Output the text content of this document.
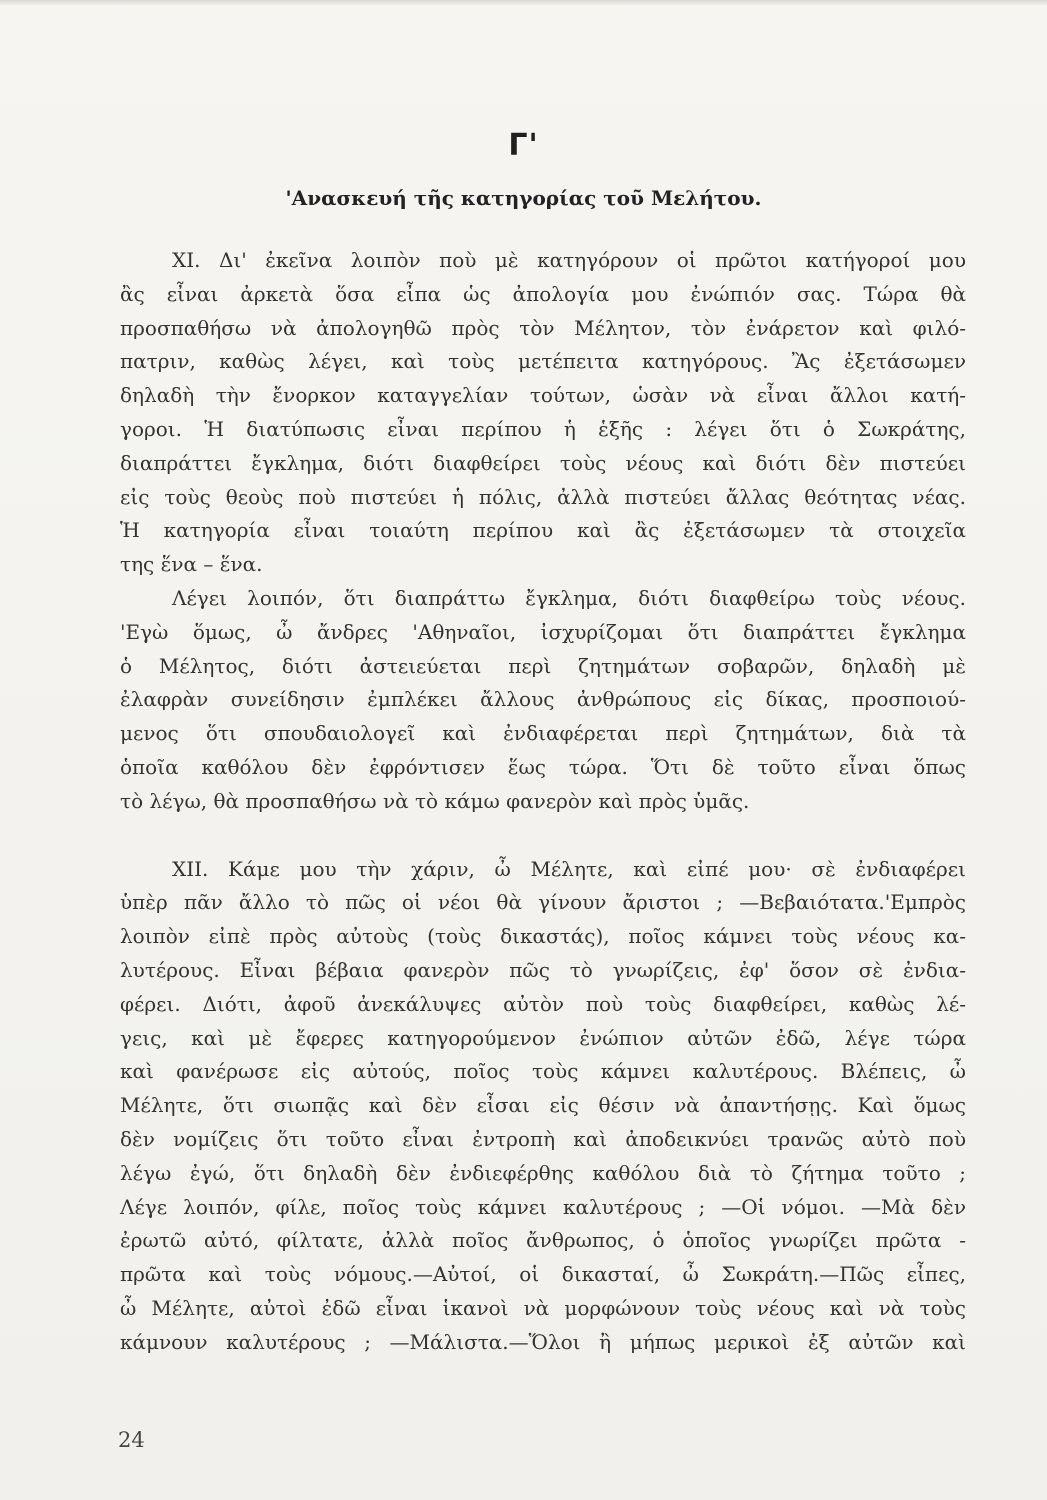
Γ'
'Ανασκευή τῆς κατηγορίας τοῦ Μελήτου.
XI. Δι' ἐκεῖνα λοιπὸν ποὺ μὲ κατηγόρουν οἱ πρῶτοι κατήγοροί μου
ἂς εἶναι ἀρκετὰ ὅσα εἶπα ὡς ἀπολογία μου ἐνώπιόν σας. Τώρα θὰ
προσπαθήσω νὰ ἀπολογηθῶ πρὸς τὸν Μέλητον, τὸν ἐνάρετον καὶ φιλό-
πατριν, καθὼς λέγει, καὶ τοὺς μετέπειτα κατηγόρους. Ἂς ἐξετάσωμεν
δηλαδὴ τὴν ἔνορκον καταγγελίαν τούτων, ὡσὰν νὰ εἶναι ἄλλοι κατή-
γοροι. Ἡ διατύπωσις εἶναι περίπου ἡ ἑξῆς : λέγει ὅτι ὁ Σωκράτης,
διαπράττει ἔγκλημα, διότι διαφθείρει τοὺς νέους καὶ διότι δὲν πιστεύει
εἰς τοὺς θεοὺς ποὺ πιστεύει ἡ πόλις, ἀλλὰ πιστεύει ἄλλας θεότητας νέας.
Ἡ κατηγορία εἶναι τοιαύτη περίπου καὶ ἂς ἐξετάσωμεν τὰ στοιχεῖα
της ἕνα – ἕνα.
Λέγει λοιπόν, ὅτι διαπράττω ἔγκλημα, διότι διαφθείρω τοὺς νέους.
'Εγὼ ὅμως, ὦ ἄνδρες 'Αθηναῖοι, ἰσχυρίζομαι ὅτι διαπράττει ἔγκλημα
ὁ Μέλητος, διότι ἀστειεύεται περὶ ζητημάτων σοβαρῶν, δηλαδὴ μὲ
ἐλαφρὰν συνείδησιν ἐμπλέκει ἄλλους ἀνθρώπους εἰς δίκας, προσποιού-
μενος ὅτι σπουδαιολογεῖ καὶ ἐνδιαφέρεται περὶ ζητημάτων, διὰ τὰ
ὁποῖα καθόλου δὲν ἐφρόντισεν ἕως τώρα. Ὅτι δὲ τοῦτο εἶναι ὅπως
τὸ λέγω, θὰ προσπαθήσω νὰ τὸ κάμω φανερὸν καὶ πρὸς ὑμᾶς.
XII. Κάμε μου τὴν χάριν, ὦ Μέλητε, καὶ εἰπέ μου· σὲ ἐνδιαφέρει
ὑπὲρ πᾶν ἄλλο τὸ πῶς οἱ νέοι θὰ γίνουν ἄριστοι ; —Βεβαιότατα.'Εμπρὸς
λοιπὸν εἰπὲ πρὸς αὐτοὺς (τοὺς δικαστάς), ποῖος κάμνει τοὺς νέους κα-
λυτέρους. Εἶναι βέβαια φανερὸν πῶς τὸ γνωρίζεις, ἐφ' ὅσον σὲ ἐνδια-
φέρει. Διότι, ἀφοῦ ἀνεκάλυψες αὐτὸν ποὺ τοὺς διαφθείρει, καθὼς λέ-
γεις, καὶ μὲ ἔφερες κατηγορούμενον ἐνώπιον αὐτῶν ἐδῶ, λέγε τώρα
καὶ φανέρωσε εἰς αὐτούς, ποῖος τοὺς κάμνει καλυτέρους. Βλέπεις, ὦ
Μέλητε, ὅτι σιωπᾷς καὶ δὲν εἶσαι εἰς θέσιν νὰ ἀπαντήσῃς. Καὶ ὅμως
δὲν νομίζεις ὅτι τοῦτο εἶναι ἐντροπὴ καὶ ἀποδεικνύει τρανῶς αὐτὸ ποὺ
λέγω ἐγώ, ὅτι δηλαδὴ δὲν ἐνδιεφέρθης καθόλου διὰ τὸ ζήτημα τοῦτο ;
Λέγε λοιπόν, φίλε, ποῖος τοὺς κάμνει καλυτέρους ; —Οἱ νόμοι. —Μὰ δὲν
ἐρωτῶ αὐτό, φίλτατε, ἀλλὰ ποῖος ἄνθρωπος, ὁ ὁποῖος γνωρίζει πρῶτα -
πρῶτα καὶ τοὺς νόμους.—Αὐτοί, οἱ δικασταί, ὦ Σωκράτη.—Πῶς εἶπες,
ὦ Μέλητε, αὐτοὶ ἐδῶ εἶναι ἱκανοὶ νὰ μορφώνουν τοὺς νέους καὶ νὰ τοὺς
κάμνουν καλυτέρους ; —Μάλιστα.—Ὅλοι ἢ μήπως μερικοὶ ἐξ αὐτῶν καὶ
24
